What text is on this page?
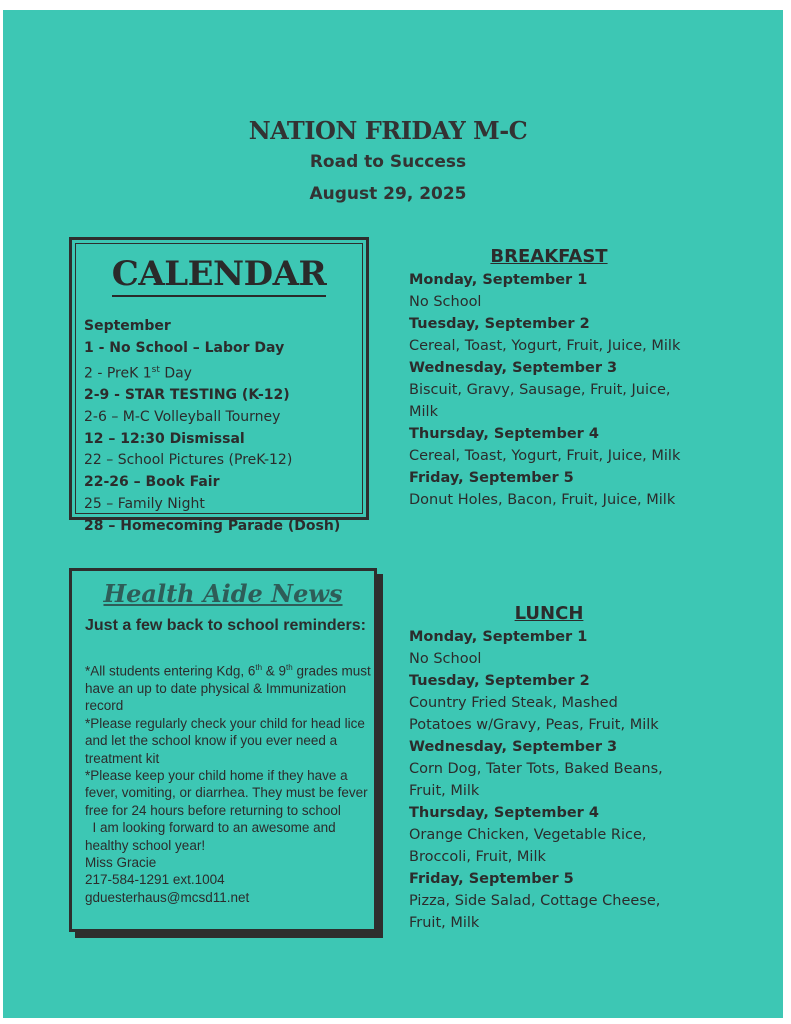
NATION FRIDAY M-C
Road to Success
August 29, 2025
CALENDAR
September
1 - No School – Labor Day
2 - PreK 1st Day
2-9 - STAR TESTING (K-12)
2-6 – M-C Volleyball Tourney
12 – 12:30 Dismissal
22 – School Pictures (PreK-12)
22-26 – Book Fair
25 – Family Night
28 – Homecoming Parade (Dosh)
Health Aide News
Just a few back to school reminders:
*All students entering Kdg, 6th & 9th grades must have an up to date physical & Immunization record
*Please regularly check your child for head lice and let the school know if you ever need a treatment kit
*Please keep your child home if they have a fever, vomiting, or diarrhea. They must be fever free for 24 hours before returning to school
I am looking forward to an awesome and healthy school year!
Miss Gracie
217-584-1291 ext.1004
gduesterhaus@mcsd11.net
BREAKFAST
Monday, September 1
No School
Tuesday, September 2
Cereal, Toast, Yogurt, Fruit, Juice, Milk
Wednesday, September 3
Biscuit, Gravy, Sausage, Fruit, Juice, Milk
Thursday, September 4
Cereal, Toast, Yogurt, Fruit, Juice, Milk
Friday, September 5
Donut Holes, Bacon, Fruit, Juice, Milk
LUNCH
Monday, September 1
No School
Tuesday, September 2
Country Fried Steak, Mashed Potatoes w/Gravy, Peas, Fruit, Milk
Wednesday, September 3
Corn Dog, Tater Tots, Baked Beans, Fruit, Milk
Thursday, September 4
Orange Chicken, Vegetable Rice, Broccoli, Fruit, Milk
Friday, September 5
Pizza, Side Salad, Cottage Cheese, Fruit, Milk
